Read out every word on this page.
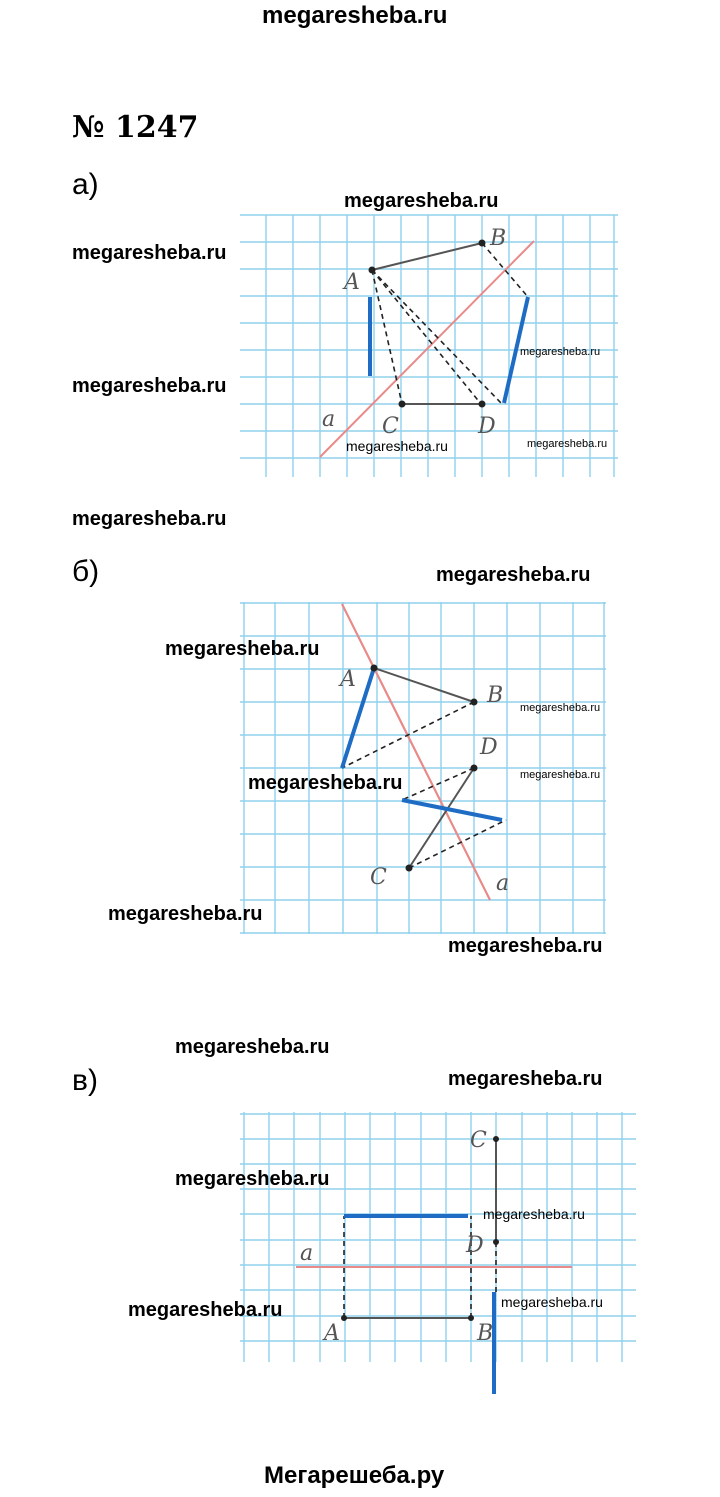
megaresheba.ru
№ 1247
а)	megaresheba.ru
megaresheba.ru
A
B
C	D
a
megaresheba.ru
megaresheba.ru
megaresheba.ru	megaresheba.ru
megaresheba.ru
б)	megaresheba.ru
A
B
C
D
a
megaresheba.ru
megaresheba.ru
megaresheba.ru
megaresheba.ru
megaresheba.ru
megaresheba.ru
megaresheba.ru
в)	megaresheba.ru
A	B
C
D
a
megaresheba.ru
megaresheba.ru
megaresheba.ru
megaresheba.ru
Мегарешеба.ру
